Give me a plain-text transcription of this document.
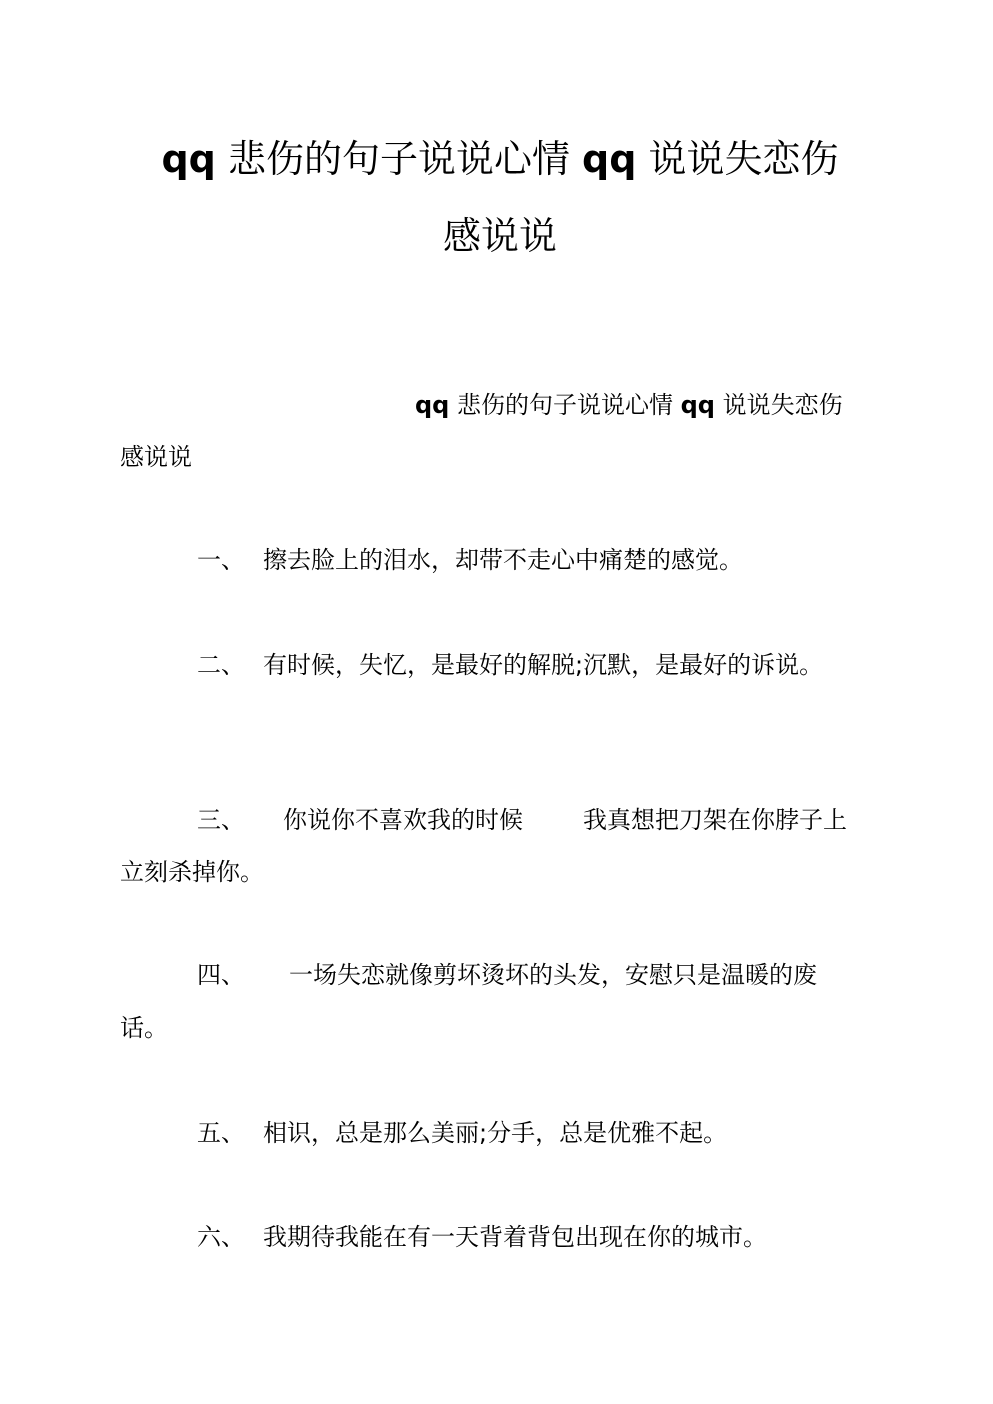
qq 悲伤的句子说说心情 qq 说说失恋伤
感说说
qq 悲伤的句子说说心情 qq 说说失恋伤
感说说
一、 擦去脸上的泪水，却带不走心中痛楚的感觉。
二、 有时候，失忆，是最好的解脱;沉默，是最好的诉说。
三、 你说你不喜欢我的时候	我真想把刀架在你脖子上
立刻杀掉你。
四、 一场失恋就像剪坏烫坏的头发，安慰只是温暖的废
话。
五、 相识，总是那么美丽;分手，总是优雅不起。
六、 我期待我能在有一天背着背包出现在你的城市。
